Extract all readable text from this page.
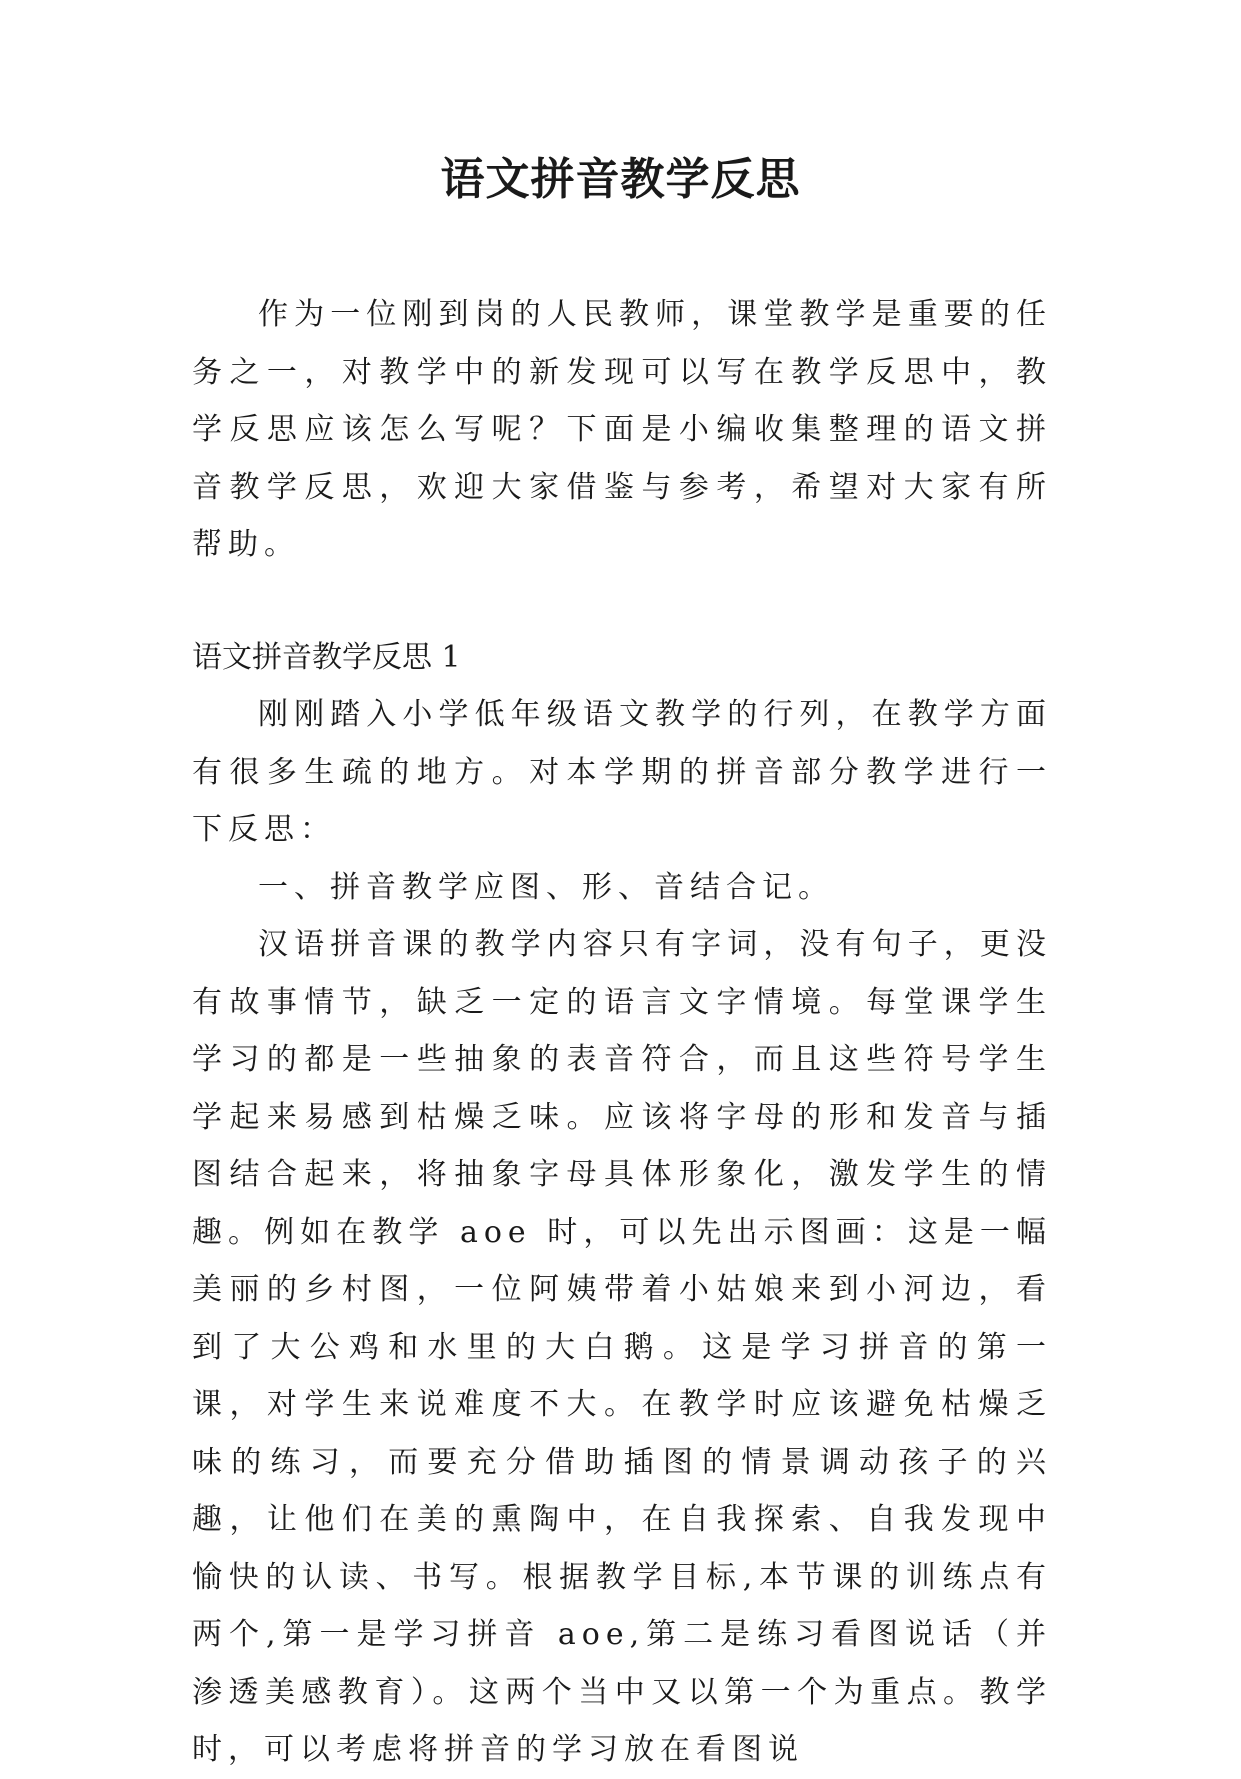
语文拼音教学反思

作为一位刚到岗的人民教师，课堂教学是重要的任务之一，对教学中的新发现可以写在教学反思中，教学反思应该怎么写呢？下面是小编收集整理的语文拼音教学反思，欢迎大家借鉴与参考，希望对大家有所帮助。

语文拼音教学反思 1

刚刚踏入小学低年级语文教学的行列，在教学方面有很多生疏的地方。对本学期的拼音部分教学进行一下反思：

一、拼音教学应图、形、音结合记。

汉语拼音课的教学内容只有字词，没有句子，更没有故事情节，缺乏一定的语言文字情境。每堂课学生学习的都是一些抽象的表音符合，而且这些符号学生学起来易感到枯燥乏味。应该将字母的形和发音与插图结合起来，将抽象字母具体形象化，激发学生的情趣。例如在教学 aoe 时，可以先出示图画：这是一幅美丽的乡村图，一位阿姨带着小姑娘来到小河边，看到了大公鸡和水里的大白鹅。这是学习拼音的第一课，对学生来说难度不大。在教学时应该避免枯燥乏味的练习，而要充分借助插图的情景调动孩子的兴趣，让他们在美的熏陶中，在自我探索、自我发现中愉快的认读、书写。根据教学目标,本节课的训练点有两个,第一是学习拼音 aoe,第二是练习看图说话（并渗透美感教育）。这两个当中又以第一个为重点。教学时，可以考虑将拼音的学习放在看图说
